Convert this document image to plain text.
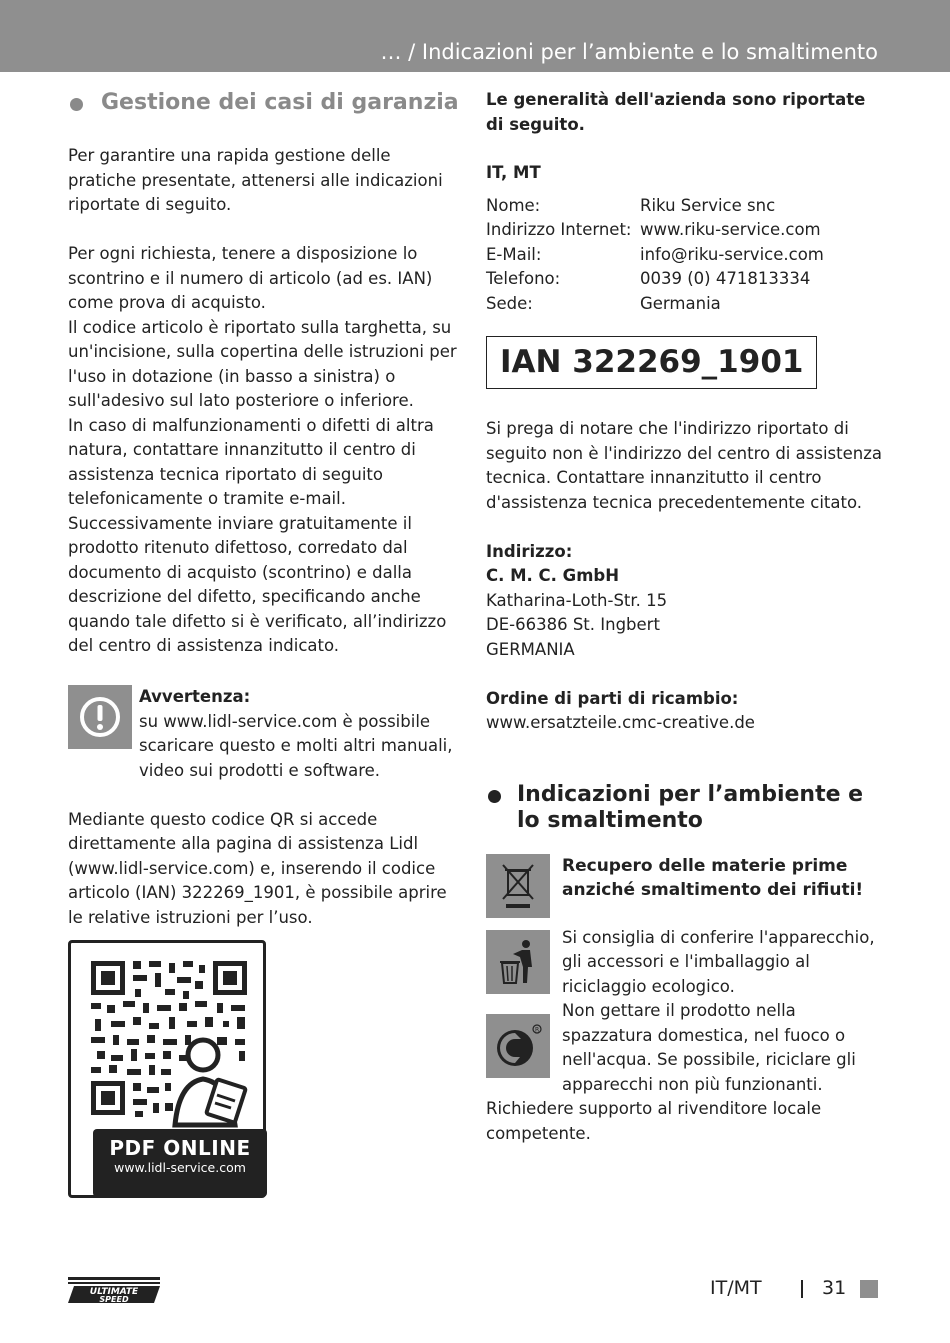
… / Indicazioni per l’ambiente e lo smaltimento
Gestione dei casi di garanzia

Per garantire una rapida gestione delle pratiche presentate, attenersi alle indicazioni riportate di seguito.

Per ogni richiesta, tenere a disposizione lo scontrino e il numero di articolo (ad es. IAN) come prova di acquisto.

Il codice articolo è riportato sulla targhetta, su un'incisione, sulla copertina delle istruzioni per l'uso in dotazione (in basso a sinistra) o sull'adesivo sul lato posteriore o inferiore.

In caso di malfunzionamenti o difetti di altra natura, contattare innanzitutto il centro di assistenza tecnica riportato di seguito telefonicamente o tramite e-mail. Successivamente inviare gratuitamente il prodotto ritenuto difettoso, corredato dal documento di acquisto (scontrino) e dalla descrizione del difetto, specificando anche quando tale difetto si è verificato, all’indirizzo del centro di assistenza indicato.

Avvertenza:

su www.lidl-service.com è possibile scaricare questo e molti altri manuali, video sui prodotti e software.

Mediante questo codice QR si accede direttamente alla pagina di assistenza Lidl (www.lidl-service.com) e, inserendo il codice articolo (IAN) 322269_1901, è possibile aprire le relative istruzioni per l’uso.

PDF ONLINE
www.lidl-service.com

Le generalità dell'azienda sono riportate di seguito.

IT, MT

Nome:	Riku Service snc
Indirizzo Internet: www.riku-service.com
E-Mail:	info@riku-service.com
Telefono:	0039 (0) 471813334
Sede:	Germania
IAN 322269_1901

Si prega di notare che l'indirizzo riportato di seguito non è l'indirizzo del centro di assistenza tecnica. Contattare innanzitutto il centro d'assistenza tecnica precedentemente citato.

Indirizzo:

C. M. C. GmbH

Katharina-Loth-Str. 15

DE-66386 St. Ingbert

GERMANIA

Ordine di parti di ricambio:

www.ersatzteile.cmc-creative.de

Indicazioni per l’ambiente e lo smaltimento

Recupero delle materie prime anziché smaltimento dei rifiuti!

R

Si consiglia di conferire l'apparecchio, gli accessori e l'imballaggio al riciclaggio ecologico.

Non gettare il prodotto nella spazzatura domestica, nel fuoco o nell'acqua. Se possibile, riciclare gli apparecchi non più funzionanti.

Richiedere supporto al rivenditore locale competente.

ULTIMATE
SPEED
IT/MT	31
